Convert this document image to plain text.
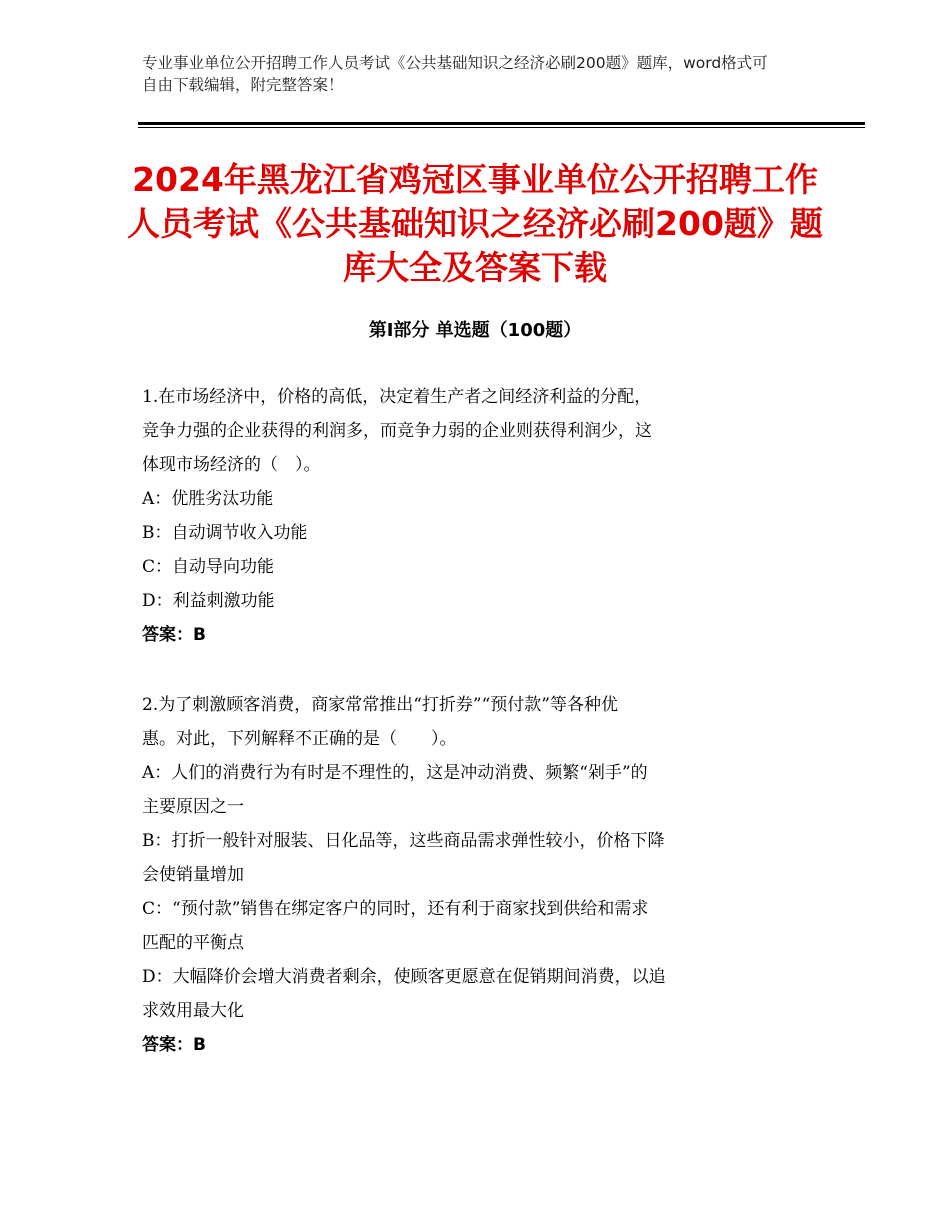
专业事业单位公开招聘工作人员考试《公共基础知识之经济必刷200题》题库，word格式可自由下载编辑，附完整答案！
2024年黑龙江省鸡冠区事业单位公开招聘工作人员考试《公共基础知识之经济必刷200题》题库大全及答案下载
第Ⅰ部分 单选题（100题）
1.在市场经济中，价格的高低，决定着生产者之间经济利益的分配，
竞争力强的企业获得的利润多，而竞争力弱的企业则获得利润少，这
体现市场经济的（　）。
A：优胜劣汰功能
B：自动调节收入功能
C：自动导向功能
D：利益刺激功能
答案：B
2.为了刺激顾客消费，商家常常推出“打折券”“预付款”等各种优
惠。对此，下列解释不正确的是（　　）。
A：人们的消费行为有时是不理性的，这是冲动消费、频繁“剁手”的
主要原因之一
B：打折一般针对服装、日化品等，这些商品需求弹性较小，价格下降
会使销量增加
C：“预付款”销售在绑定客户的同时，还有利于商家找到供给和需求
匹配的平衡点
D：大幅降价会增大消费者剩余，使顾客更愿意在促销期间消费，以追
求效用最大化
答案：B
